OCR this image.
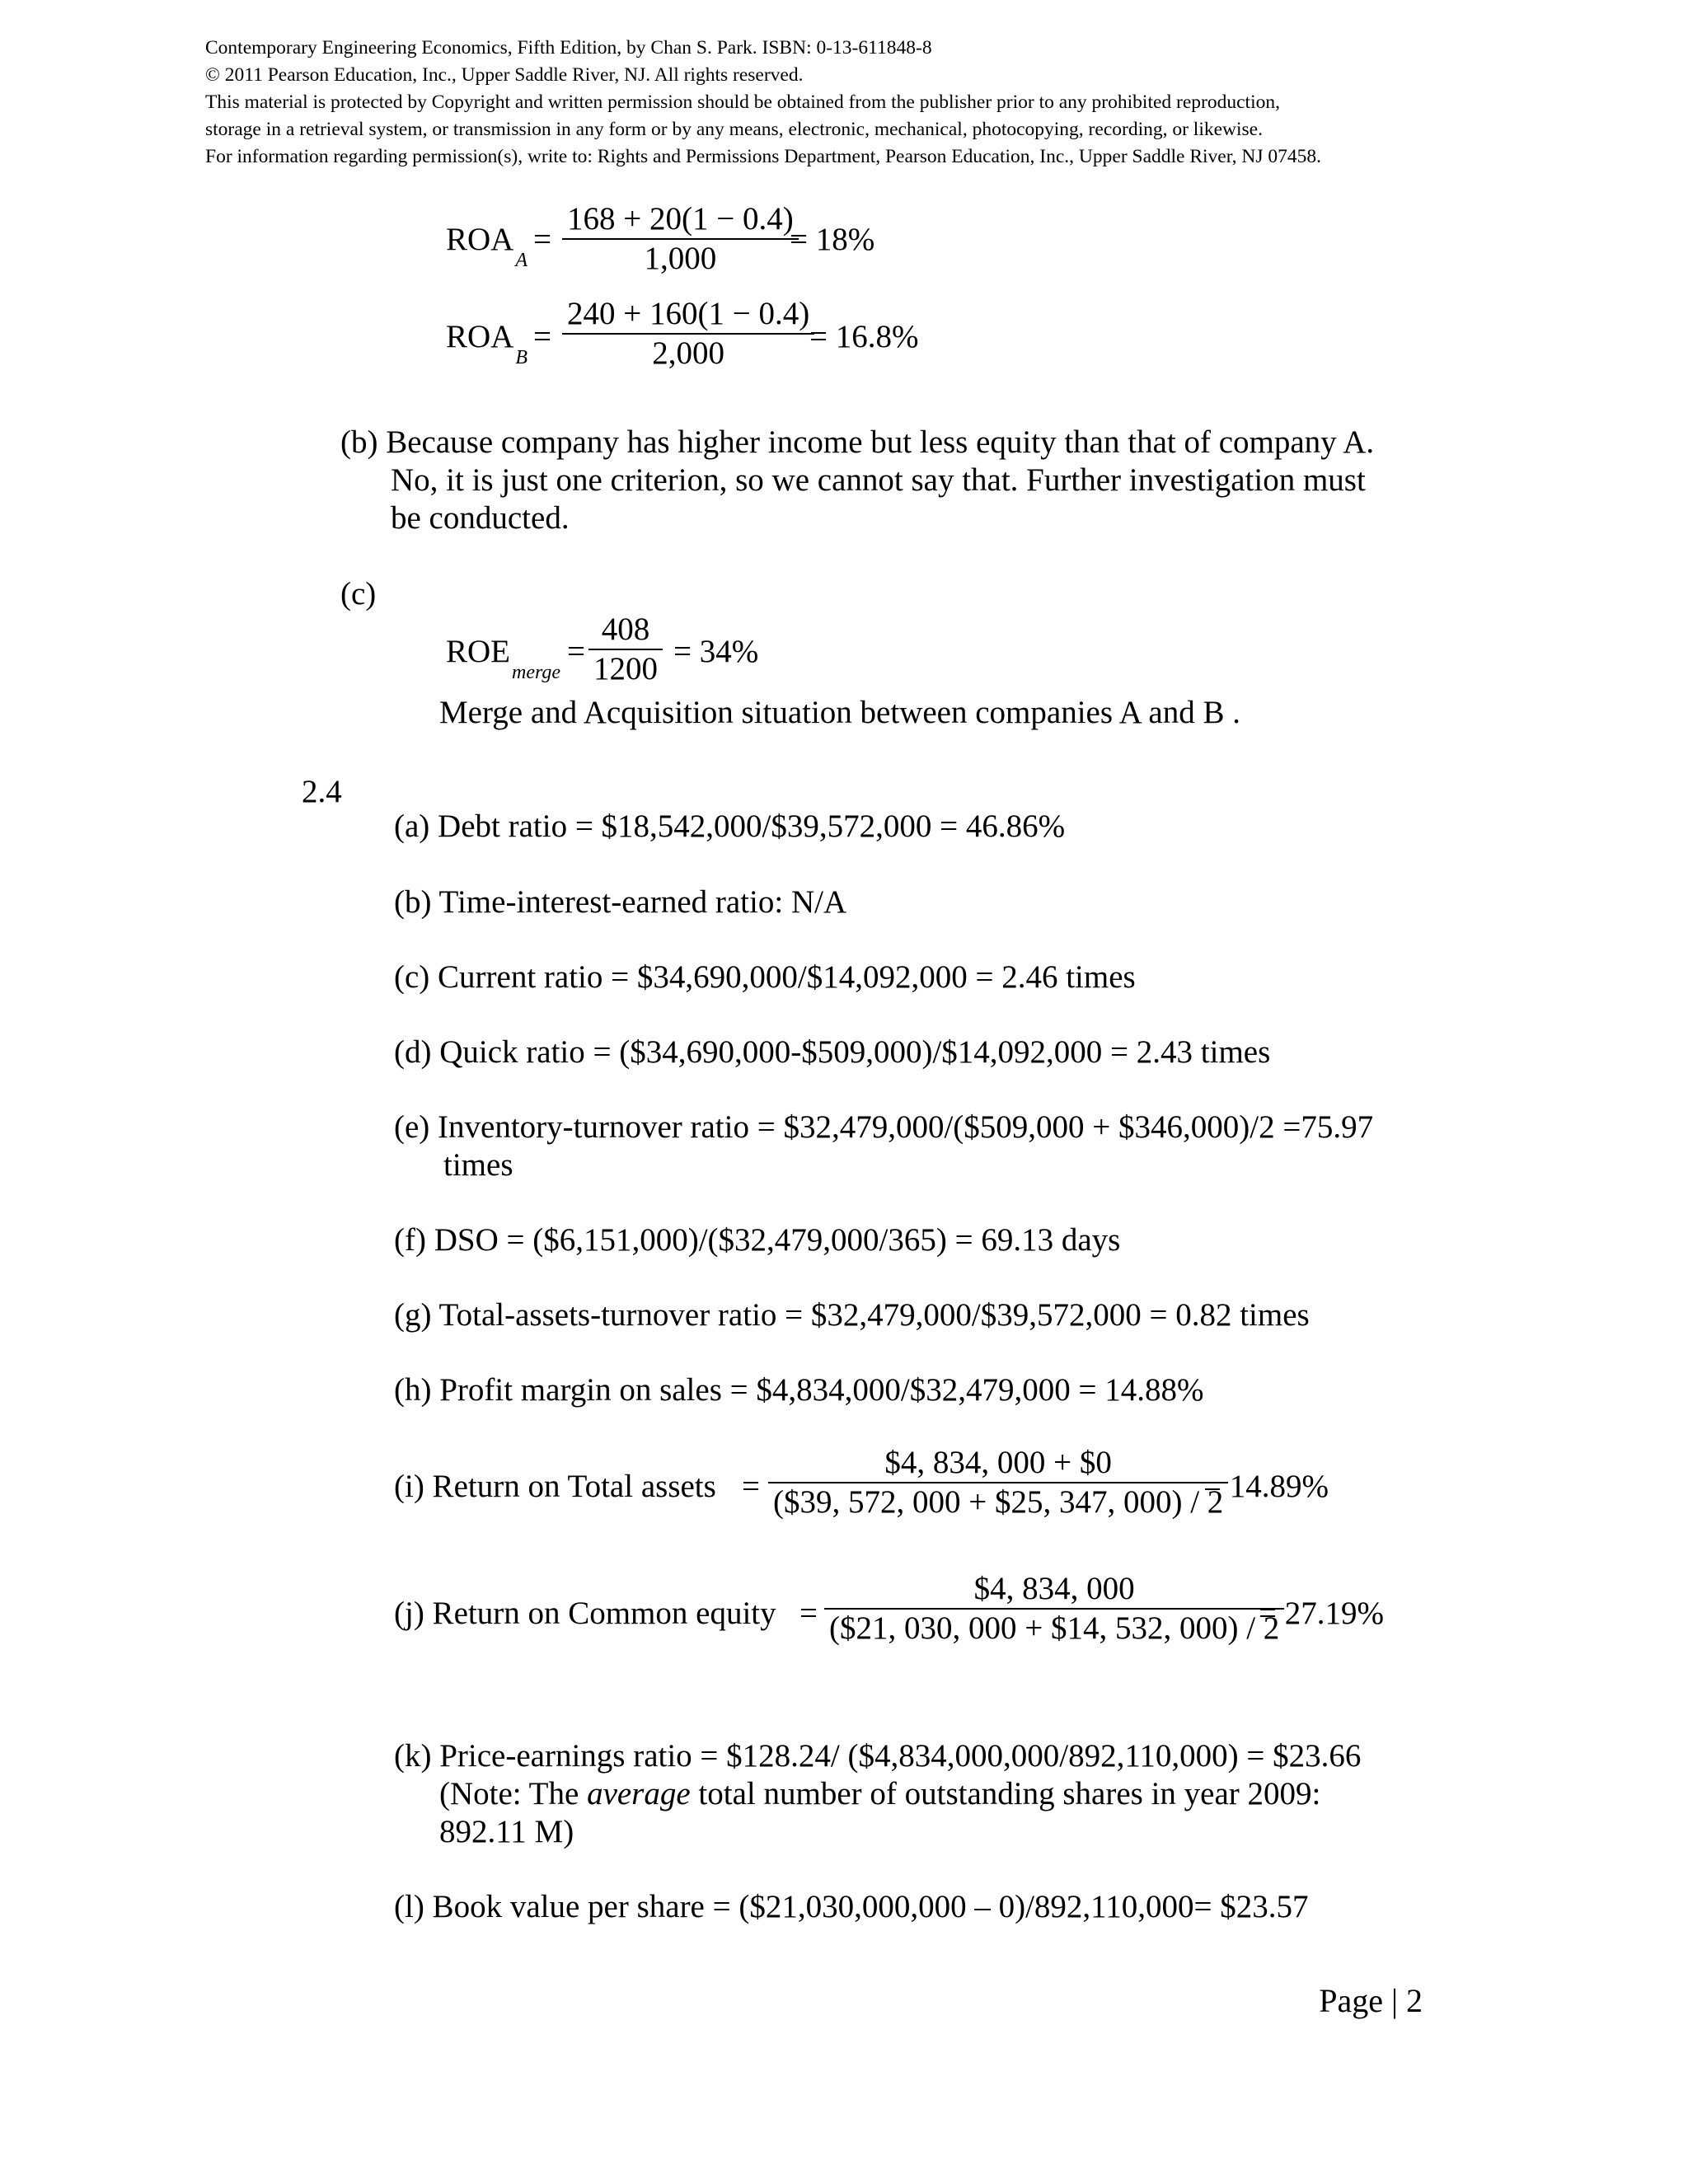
Contemporary Engineering Economics, Fifth Edition, by Chan S. Park. ISBN: 0-13-611848-8
© 2011 Pearson Education, Inc., Upper Saddle River, NJ. All rights reserved.
This material is protected by Copyright and written permission should be obtained from the publisher prior to any prohibited reproduction,
storage in a retrieval system, or transmission in any form or by any means, electronic, mechanical, photocopying, recording, or likewise.
For information regarding permission(s), write to: Rights and Permissions Department, Pearson Education, Inc., Upper Saddle River, NJ 07458.
$ROA_A$
=
168 + 20(1 − 0.4)
1,000
= 18%
$ROA_B$
=
240 + 160(1 − 0.4)
2,000	= 16.8%
(b) Because company has higher income but less equity than that of company A.
No, it is just one criterion, so we cannot say that. Further investigation must
be conducted.
(c)
$ROE_{merge}$
=
408
1200 = 34%
Merge and Acquisition situation between companies A and B .
2.4
(a) Debt ratio = $18,542,000/$39,572,000 = 46.86%
(b) Time-interest-earned ratio: N/A
(c) Current ratio = $34,690,000/$14,092,000 = 2.46 times
(d) Quick ratio = ($34,690,000-$509,000)/$14,092,000 = 2.43 times
(e) Inventory-turnover ratio = $32,479,000/($509,000 + $346,000)/2 =75.97
times
(f) DSO = ($6,151,000)/($32,479,000/365) = 69.13 days
(g) Total-assets-turnover ratio = $32,479,000/$39,572,000 = 0.82 times
(h) Profit margin on sales = $4,834,000/$32,479,000 = 14.88%
(i) Return on Total assets =
$4, 834, 000 + $0
($39, 572, 000 + $25, 347, 000) / 2
= 14.89%
(j) Return on Common equity =
$4, 834, 000
($21, 030, 000 + $14, 532, 000) / 2
= 27.19%
(k) Price-earnings ratio = $128.24/ ($4,834,000,000/892,110,000) = $23.66
(Note: The average total number of outstanding shares in year 2009:
892.11 M)
(l) Book value per share = ($21,030,000,000 – 0)/892,110,000= $23.57
Page | 2
